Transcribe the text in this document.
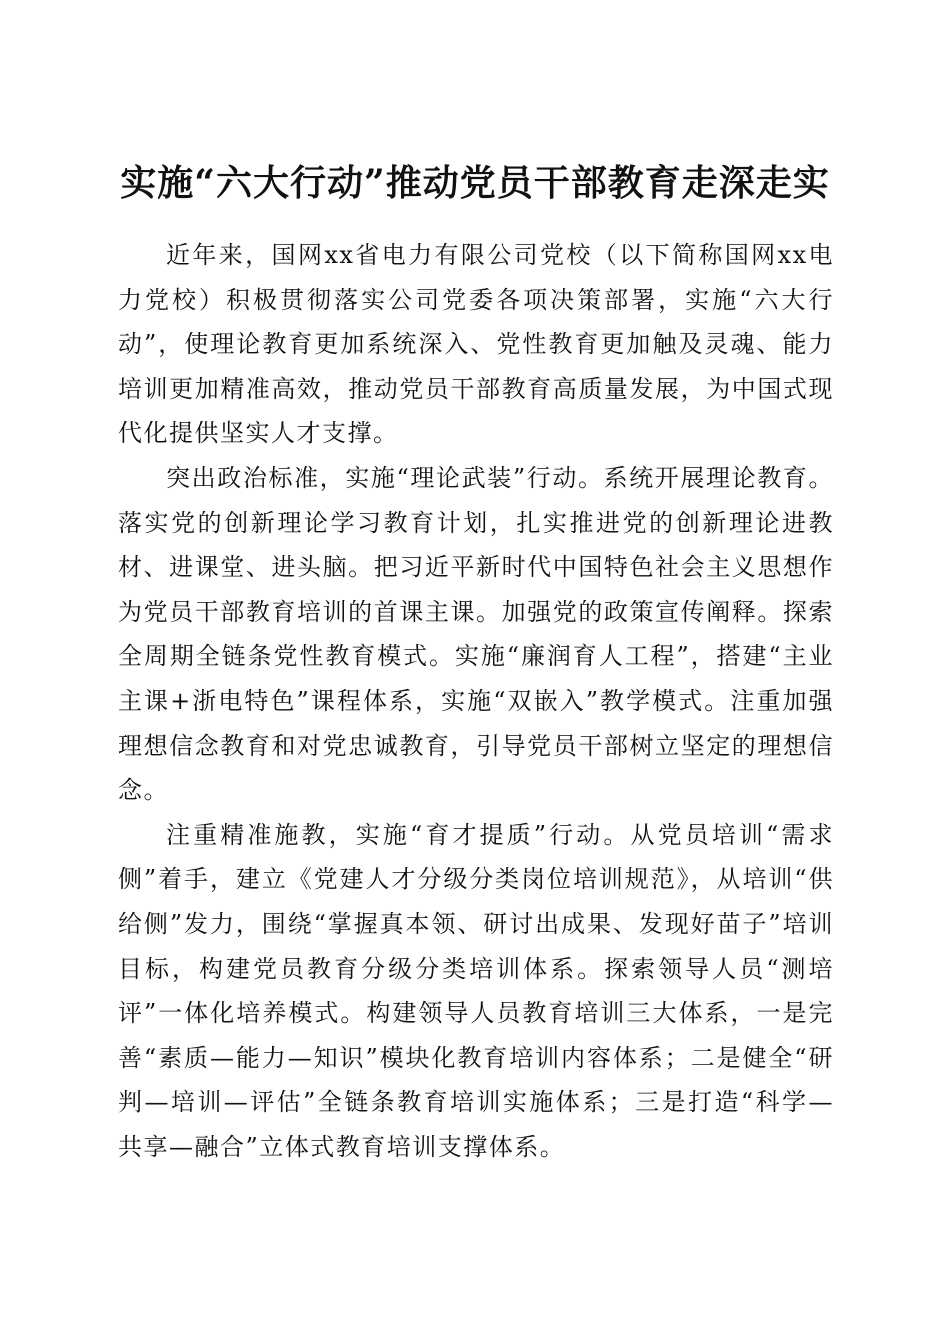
实施“六大行动”推动党员干部教育走深走实

近年来，国网xx省电力有限公司党校（以下简称国网xx电力党校）积极贯彻落实公司党委各项决策部署，实施“六大行动”，使理论教育更加系统深入、党性教育更加触及灵魂、能力培训更加精准高效，推动党员干部教育高质量发展，为中国式现代化提供坚实人才支撑。

突出政治标准，实施“理论武装”行动。系统开展理论教育。落实党的创新理论学习教育计划，扎实推进党的创新理论进教材、进课堂、进头脑。把习近平新时代中国特色社会主义思想作为党员干部教育培训的首课主课。加强党的政策宣传阐释。探索全周期全链条党性教育模式。实施“廉润育人工程”，搭建“主业主课+浙电特色”课程体系，实施“双嵌入”教学模式。注重加强理想信念教育和对党忠诚教育，引导党员干部树立坚定的理想信念。

注重精准施教，实施“育才提质”行动。从党员培训“需求侧”着手，建立《党建人才分级分类岗位培训规范》，从培训“供给侧”发力，围绕“掌握真本领、研讨出成果、发现好苗子”培训目标，构建党员教育分级分类培训体系。探索领导人员“测培评”一体化培养模式。构建领导人员教育培训三大体系，一是完善“素质—能力—知识”模块化教育培训内容体系；二是健全“研判—培训—评估”全链条教育培训实施体系；三是打造“科学—共享—融合”立体式教育培训支撑体系。
